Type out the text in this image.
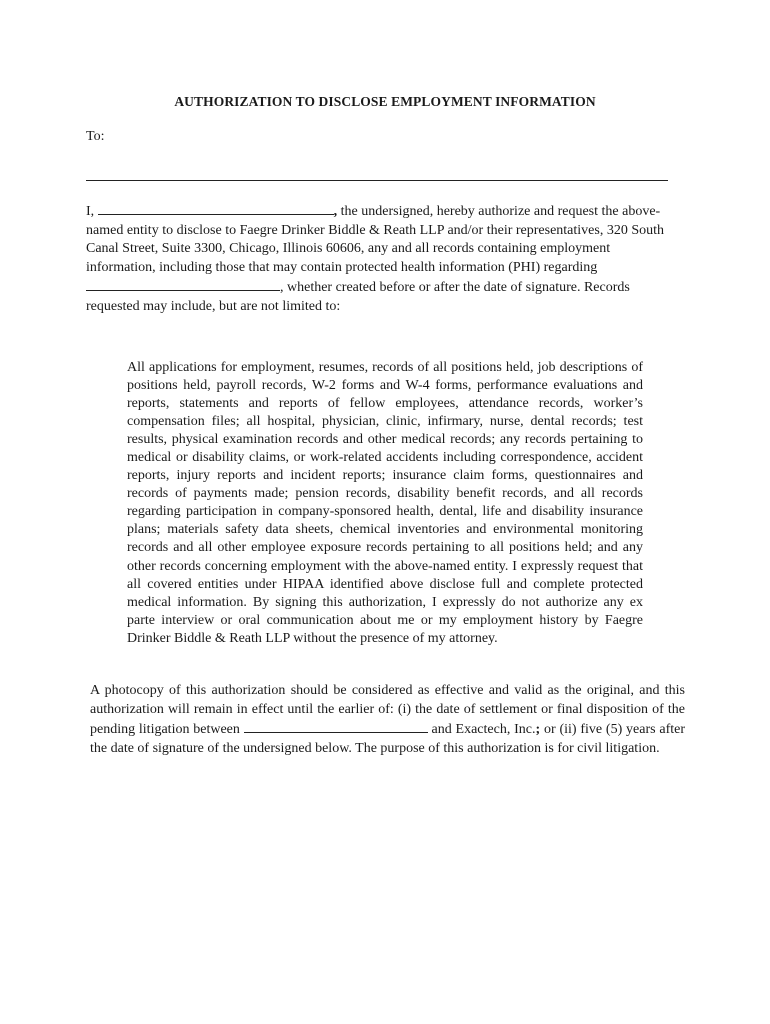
AUTHORIZATION TO DISCLOSE EMPLOYMENT INFORMATION
To:
I,	, the undersigned, hereby authorize and request the above-named entity to disclose to Faegre Drinker Biddle & Reath LLP and/or their representatives, 320 South Canal Street, Suite 3300, Chicago, Illinois 60606, any and all records containing employment information, including those that may contain protected health information (PHI) regarding , whether created before or after the date of signature. Records requested may include, but are not limited to:
All applications for employment, resumes, records of all positions held, job descriptions of positions held, payroll records, W-2 forms and W-4 forms, performance evaluations and reports, statements and reports of fellow employees, attendance records, worker’s compensation files; all hospital, physician, clinic, infirmary, nurse, dental records; test results, physical examination records and other medical records; any records pertaining to medical or disability claims, or work-related accidents including correspondence, accident reports, injury reports and incident reports; insurance claim forms, questionnaires and records of payments made; pension records, disability benefit records, and all records regarding participation in company-sponsored health, dental, life and disability insurance plans; materials safety data sheets, chemical inventories and environmental monitoring records and all other employee exposure records pertaining to all positions held; and any other records concerning employment with the above-named entity. I expressly request that all covered entities under HIPAA identified above disclose full and complete protected medical information. By signing this authorization, I expressly do not authorize any ex parte interview or oral communication about me or my employment history by Faegre Drinker Biddle & Reath LLP without the presence of my attorney.
A photocopy of this authorization should be considered as effective and valid as the original, and this authorization will remain in effect until the earlier of: (i) the date of settlement or final disposition of the pending litigation between	and Exactech, Inc.; or (ii) five (5) years after the date of signature of the undersigned below. The purpose of this authorization is for civil litigation.
